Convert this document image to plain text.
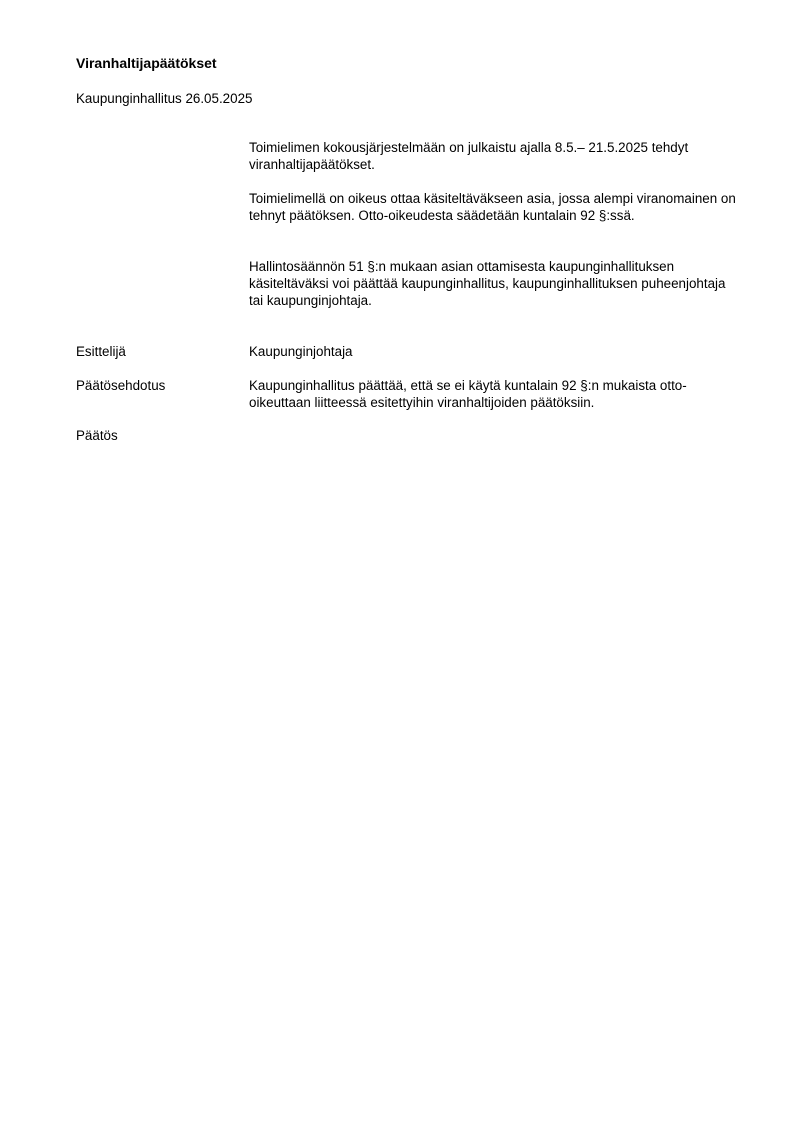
Viranhaltijapäätökset
Kaupunginhallitus 26.05.2025

Toimielimen kokousjärjestelmään on julkaistu ajalla 8.5.– 21.5.2025 tehdyt viranhaltijapäätökset.

Toimielimellä on oikeus ottaa käsiteltäväkseen asia, jossa alempi viranomainen on tehnyt päätöksen. Otto-oikeudesta säädetään kuntalain 92 §:ssä.

Hallintosäännön 51 §:n mukaan asian ottamisesta kaupunginhallituksen käsiteltäväksi voi päättää kaupunginhallitus, kaupunginhallituksen puheenjohtaja tai kaupunginjohtaja.

Esittelijä	Kaupunginjohtaja
Päätösehdotus	Kaupunginhallitus päättää, että se ei käytä kuntalain 92 §:n mukaista otto-oikeuttaan liitteessä esitettyihin viranhaltijoiden päätöksiin.
Päätös
